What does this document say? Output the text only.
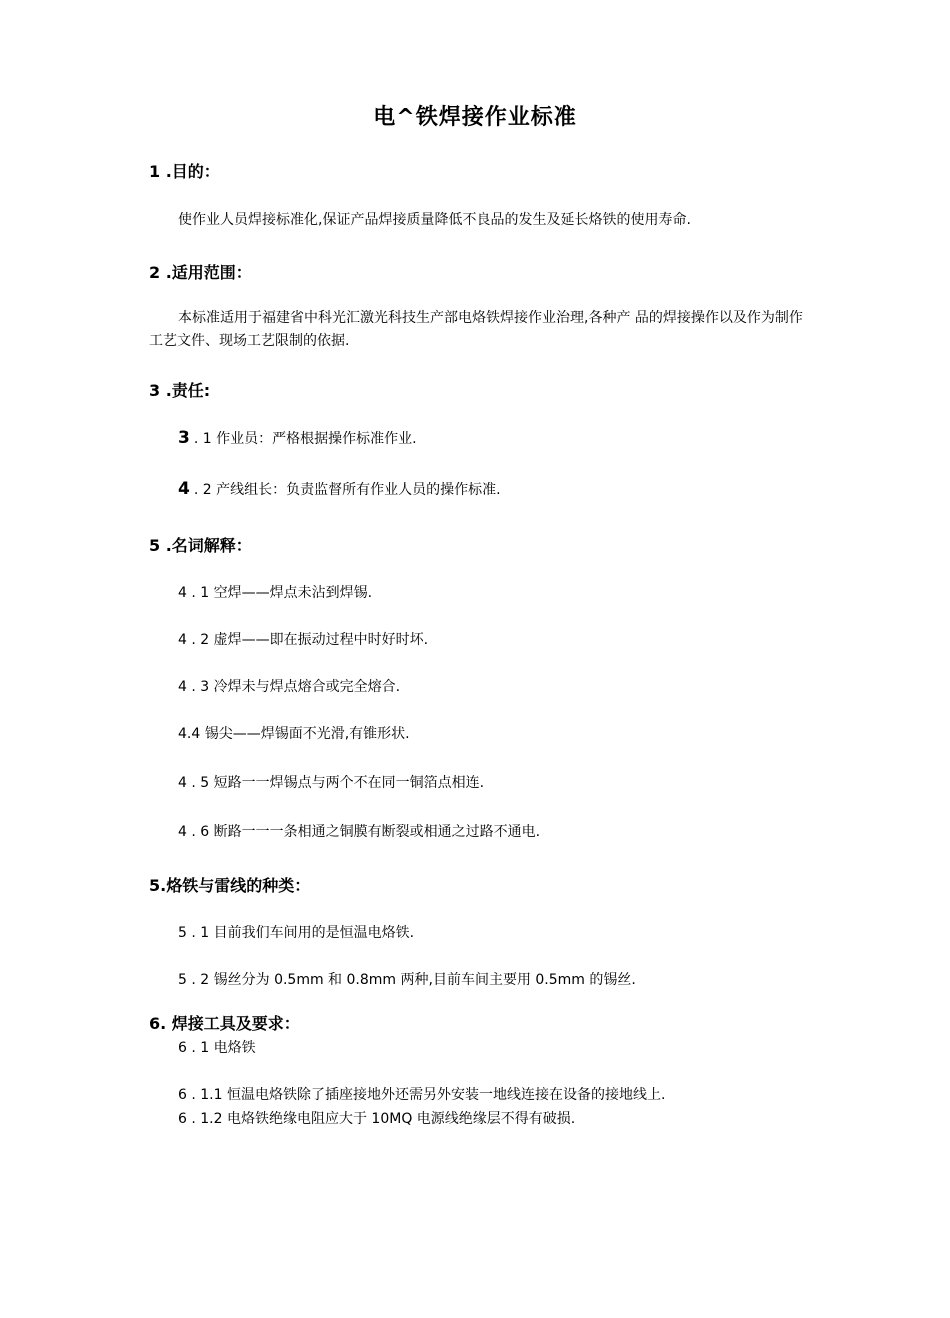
电^铁焊接作业标准
1 .目的：
使作业人员焊接标准化,保证产品焊接质量降低不良品的发生及延长烙铁的使用寿命.
2 .适用范围：
本标准适用于福建省中科光汇激光科技生产部电烙铁焊接作业治理,各种产 品的焊接操作以及作为制作工艺文件、现场工艺限制的依据.
3 .责任:
3 . 1 作业员：严格根据操作标准作业.
4 . 2 产线组长：负责监督所有作业人员的操作标准.
5 .名词解释：
4 . 1 空焊——焊点未沾到焊锡.
4 . 2 虚焊——即在振动过程中时好时坏.
4 . 3 冷焊未与焊点熔合或完全熔合.
4.4 锡尖——焊锡面不光滑,有锥形状.
4 . 5 短路一一焊锡点与两个不在同一铜箔点相连.
4 . 6 断路一一一条相通之铜膜有断裂或相通之过路不通电.
5.烙铁与雷线的种类：
5 . 1 目前我们车间用的是恒温电烙铁.
5 . 2 锡丝分为 0.5mm 和 0.8mm 两种,目前车间主要用 0.5mm 的锡丝.
6. 焊接工具及要求：
6 . 1 电烙铁
6 . 1.1 恒温电烙铁除了插座接地外还需另外安装一地线连接在设备的接地线上.
6 . 1.2 电烙铁绝缘电阻应大于 10MQ 电源线绝缘层不得有破损.
